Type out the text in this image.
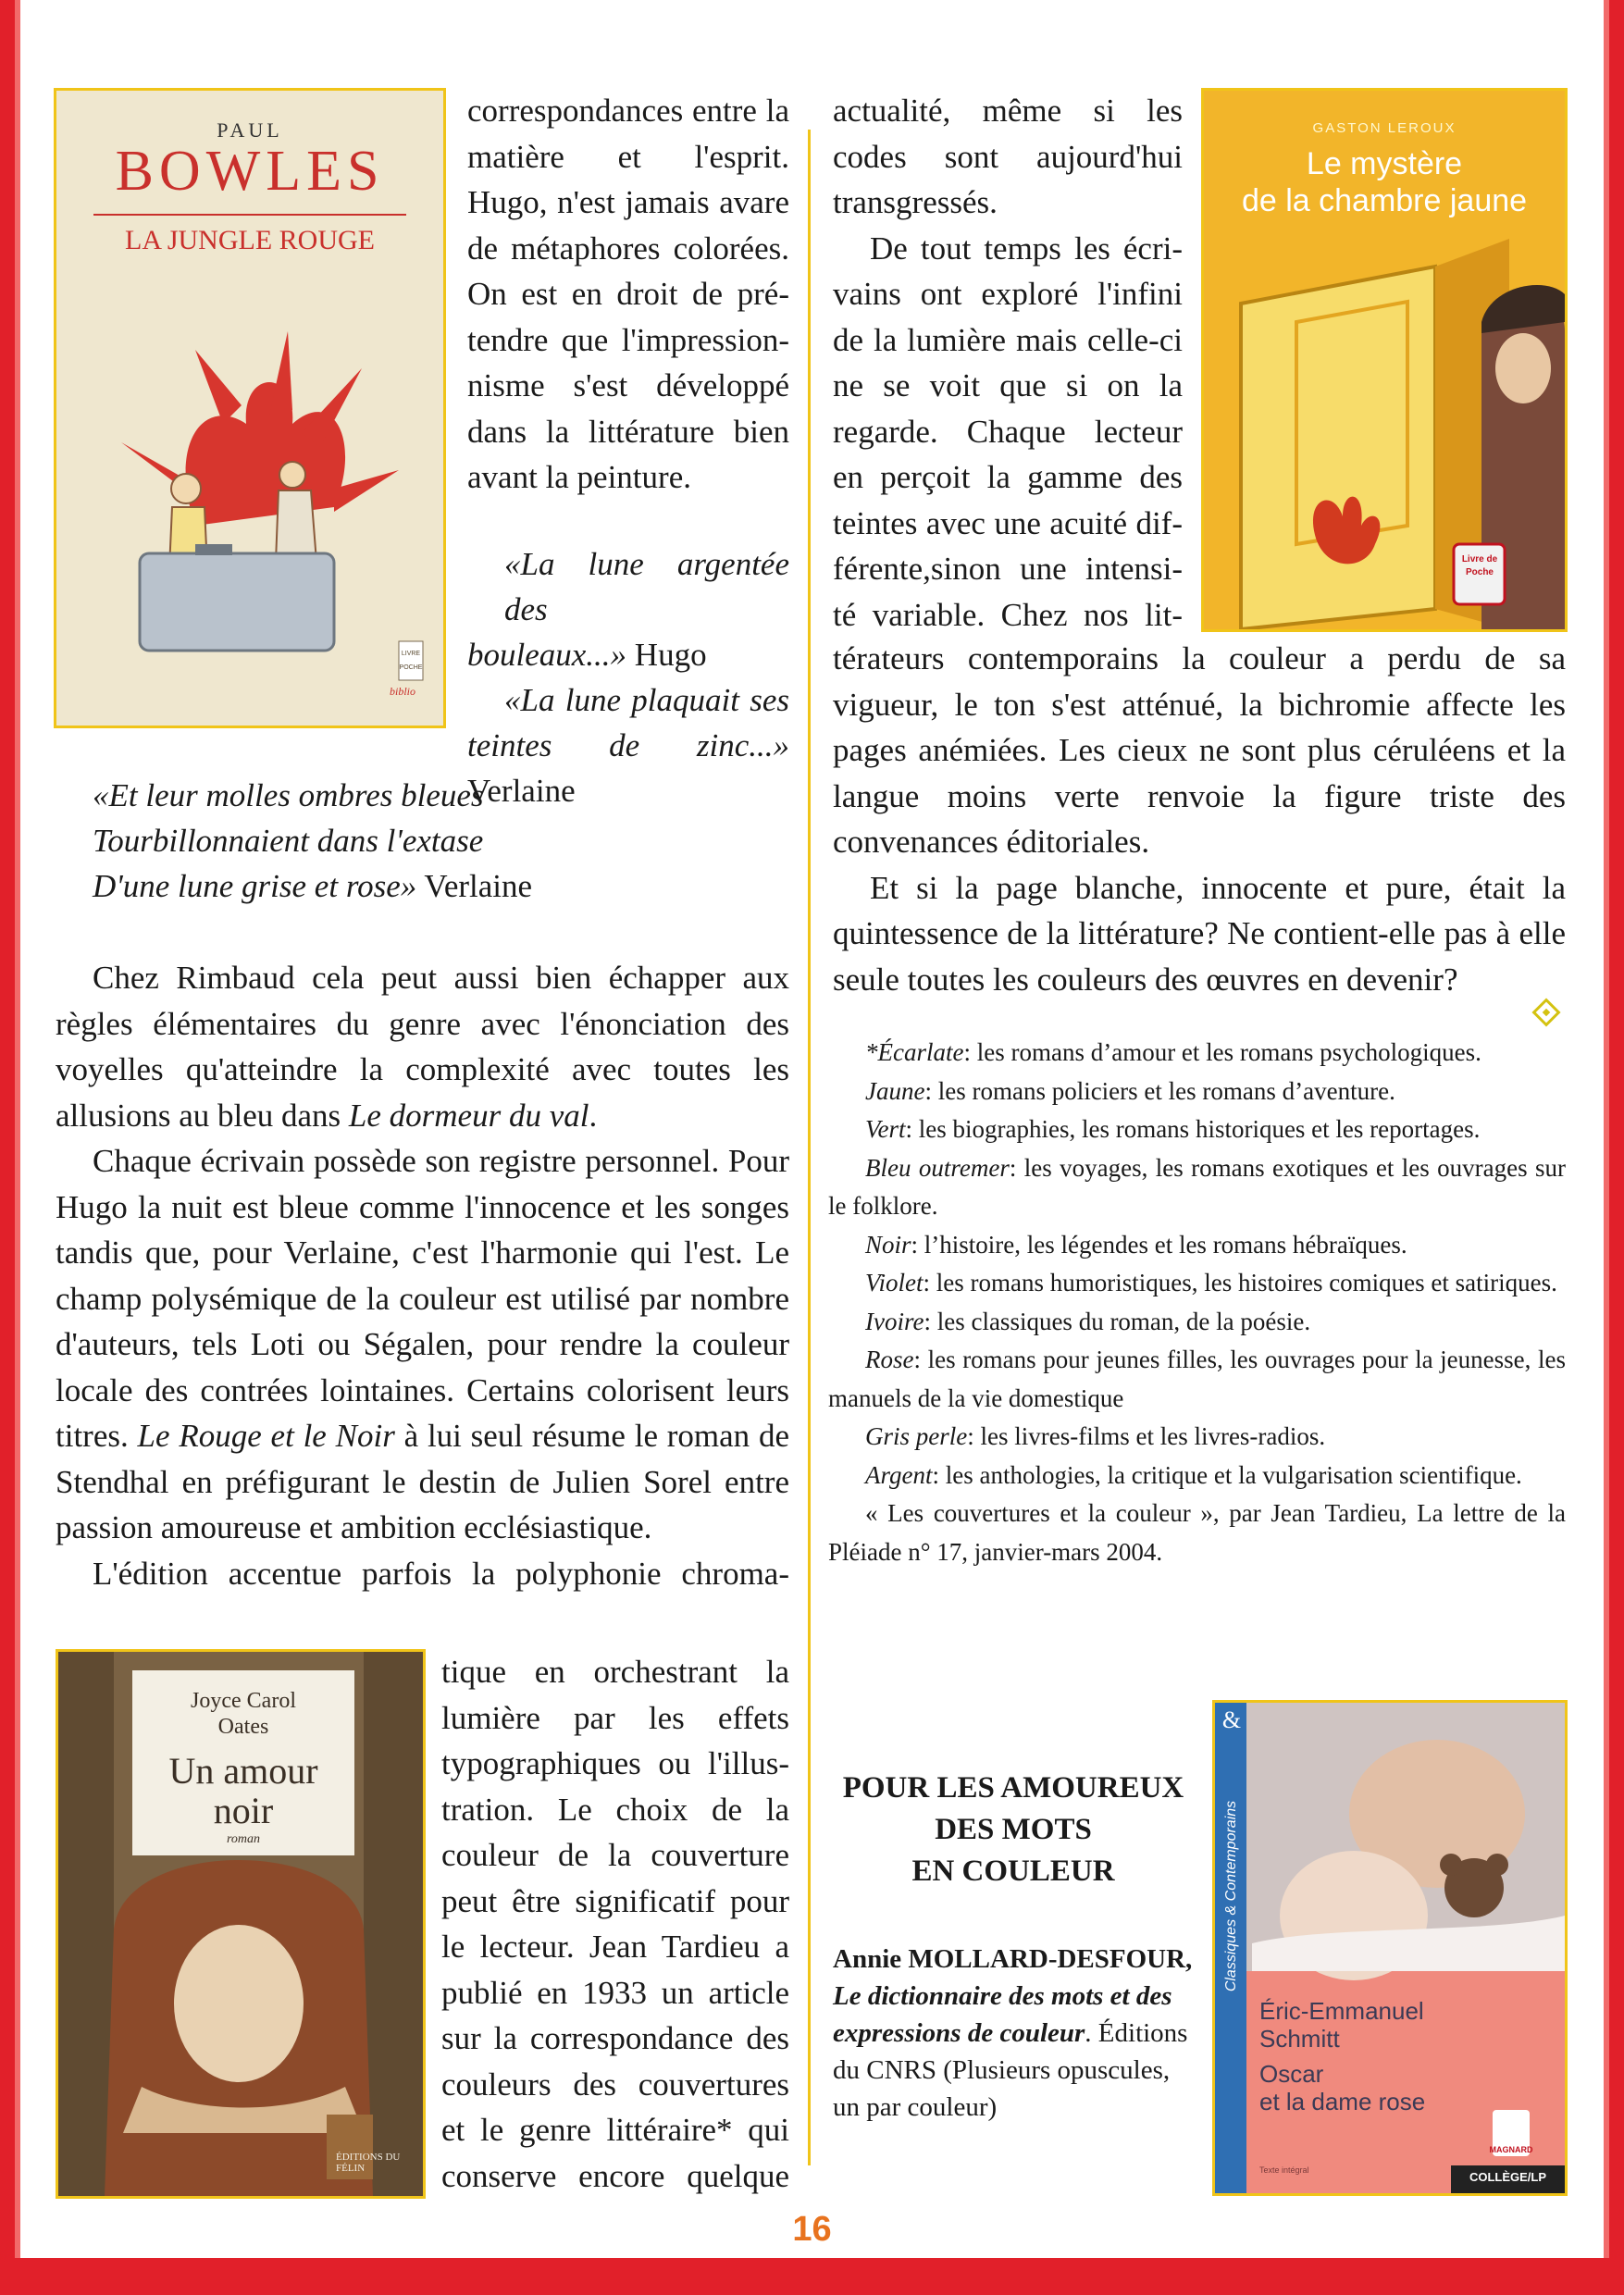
LIVRE
POCHE
PAUL
BOWLES
LA JUNGLE ROUGE
biblio
correspondances entre la
matière et l'esprit.
Hugo, n'est jamais avare
de métaphores colorées.
On est en droit de pré-
tendre que l'impression-
nisme s'est développé
dans la littérature bien
avant la peinture.
«La lune argentée des
bouleaux...» Hugo
«La lune plaquait ses
teintes de zinc...»
Verlaine
«Et leur molles ombres bleues
Tourbillonnaient dans l'extase
D'une lune grise et rose» Verlaine

Chez Rimbaud cela peut aussi bien échapper aux règles élémentaires du genre avec l'énonciation des voyelles qu'atteindre la complexité avec toutes les allusions au bleu dans Le dormeur du val.

Chaque écrivain possède son registre personnel. Pour Hugo la nuit est bleue comme l'innocence et les songes tandis que, pour Verlaine, c'est l'harmonie qui l'est. Le champ polysémique de la couleur est utilisé par nombre d'auteurs, tels Loti ou Ségalen, pour rendre la couleur locale des contrées lointaines. Certains colorisent leurs titres. Le Rouge et le Noir à lui seul résume le roman de Stendhal en préfigurant le destin de Julien Sorel entre passion amoureuse et ambition ecclésiastique.

L'édition accentue parfois la polyphonie chroma-

Joyce Carol
Oates
Un amour
noir
roman
ÉDITIONS DU FÉLIN
tique en orchestrant la
lumière par les effets
typographiques ou l'illus-
tration. Le choix de la
couleur de la couverture
peut être significatif pour
le lecteur. Jean Tardieu a
publié en 1933 un article
sur la correspondance des
couleurs des couvertures
et le genre littéraire* qui
conserve encore quelque
actualité, même si les
codes sont aujourd'hui
transgressés.
De tout temps les écri-
vains ont exploré l'infini
de la lumière mais celle-ci
ne se voit que si on la
regarde. Chaque lecteur
en perçoit la gamme des
teintes avec une acuité dif-
férente,sinon une intensi-
té variable. Chez nos lit-
GASTON LEROUX
Le mystère
de la chambre jaune
Livre de Poche

térateurs contemporains la couleur a perdu de sa vigueur, le ton s'est atténué, la bichromie affecte les pages anémiées. Les cieux ne sont plus céruléens et la langue moins verte renvoie la figure triste des convenances éditoriales.

Et si la page blanche, innocente et pure, était la quintessence de la littérature? Ne contient-elle pas à elle seule toutes les couleurs des œuvres en devenir?

*Écarlate: les romans d’amour et les romans psychologiques.

Jaune: les romans policiers et les romans d’aventure.

Vert: les biographies, les romans historiques et les reportages.

Bleu outremer: les voyages, les romans exotiques et les ouvrages sur le folklore.

Noir: l’histoire, les légendes et les romans hébraïques.

Violet: les romans humoristiques, les histoires comiques et satiriques.

Ivoire: les classiques du roman, de la poésie.

Rose: les romans pour jeunes filles, les ouvrages pour la jeunesse, les manuels de la vie domestique

Gris perle: les livres-films et les livres-radios.

Argent: les anthologies, la critique et la vulgarisation scientifique.

« Les couvertures et la couleur », par Jean Tardieu, La lettre de la Pléiade n° 17, janvier-mars 2004.

POUR LES AMOUREUX
DES MOTS
EN COULEUR
Annie MOLLARD-DESFOUR, Le dictionnaire des mots et des expressions de couleur. Éditions du CNRS (Plusieurs opuscules, un par couleur)
&
Classiques & Contemporains
Éric-Emmanuel Schmitt
Oscar
et la dame rose
Texte intégral
MAGNARD
COLLÈGE/LP
16
